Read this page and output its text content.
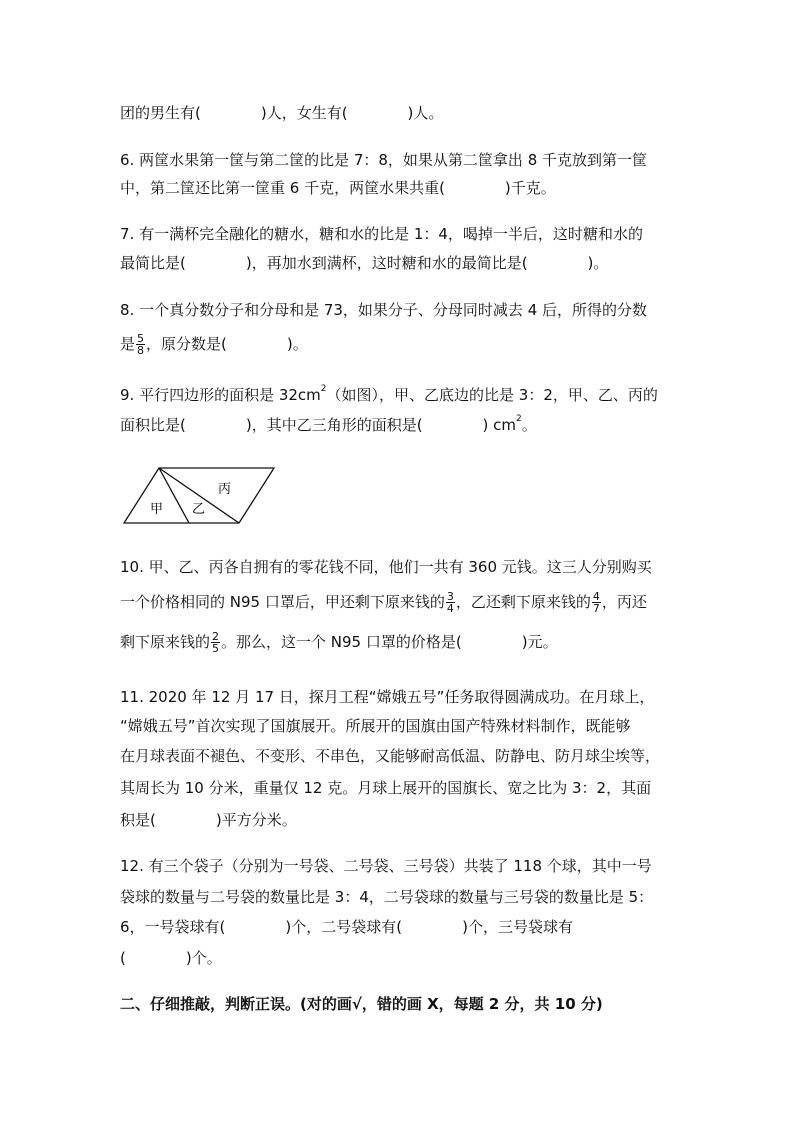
团的男生有(　　　　)人，女生有(　　　　)人。
6. 两筐水果第一筐与第二筐的比是 7：8，如果从第二筐拿出 8 千克放到第一筐
中，第二筐还比第一筐重 6 千克，两筐水果共重(　　　　)千克。
7. 有一满杯完全融化的糖水，糖和水的比是 1：4，喝掉一半后，这时糖和水的
最简比是(　　　　)，再加水到满杯，这时糖和水的最简比是(　　　　)。
8. 一个真分数分子和分母和是 73，如果分子、分母同时减去 4 后，所得的分数
是 $\frac{5}{8}$ ，原分数是(　　　　)。
9. 平行四边形的面积是 $32cm^2$（如图），甲、乙底边的比是 3：2，甲、乙、丙的
面积比是(　　　　)，其中乙三角形的面积是(　　　　) $cm^2$。
甲 乙
丙
10. 甲、乙、丙各自拥有的零花钱不同，他们一共有 360 元钱。这三人分别购买
一个价格相同的 N95 口罩后，甲还剩下原来钱的 $\frac{3}{4}$ ，乙还剩下原来钱的 $\frac{4}{7}$ ，丙还
剩下原来钱的 $\frac{2}{5}$ 。那么，这一个 N95 口罩的价格是(　　　　)元。
11. 2020 年 12 月 17 日，探月工程“嫦娥五号”任务取得圆满成功。在月球上，
“嫦娥五号”首次实现了国旗展开。所展开的国旗由国产特殊材料制作，既能够
在月球表面不褪色、不变形、不串色，又能够耐高低温、防静电、防月球尘埃等，
其周长为 10 分米，重量仅 12 克。月球上展开的国旗长、宽之比为 3：2，其面
积是(　　　　)平方分米。
12. 有三个袋子（分别为一号袋、二号袋、三号袋）共装了 118 个球，其中一号
袋球的数量与二号袋的数量比是 3：4，二号袋球的数量与三号袋的数量比是 5：
6，一号袋球有(　　　　)个，二号袋球有(　　　　)个，三号袋球有
(　　　　)个。
二、仔细推敲，判断正误。(对的画√，错的画 X，每题 2 分，共 10 分)
